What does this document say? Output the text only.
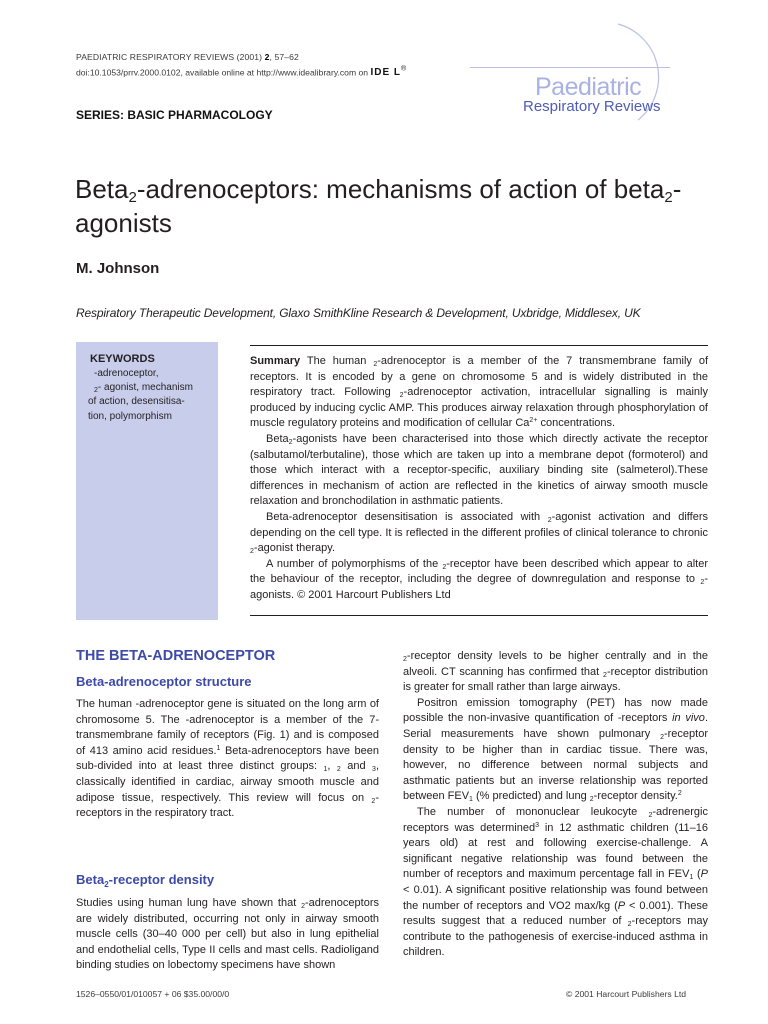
PAEDIATRIC RESPIRATORY REVIEWS (2001) 2, 57–62
doi:10.1053/prrv.2000.0102, available online at http://www.idealibrary.com on IDE L®
Paediatric
Respiratory Reviews
SERIES: BASIC PHARMACOLOGY
Beta$_2$-adrenoceptors: mechanisms of action of beta$_2$-agonists
M. Johnson
Respiratory Therapeutic Development, Glaxo SmithKline Research & Development, Uxbridge, Middlesex, UK
KEYWORDS
-adrenoceptor,
$_2$- agonist, mechanism
of action, desensitisa-
tion, polymorphism

Summary The human $_2$-adrenoceptor is a member of the 7 transmembrane family of receptors. It is encoded by a gene on chromosome 5 and is widely distributed in the respiratory tract. Following $_2$-adrenoceptor activation, intracellular signalling is mainly produced by inducing cyclic AMP. This produces airway relaxation through phosphorylation of muscle regulatory proteins and modification of cellular $Ca^{2+}$ concentrations.

Beta$_2$-agonists have been characterised into those which directly activate the receptor (salbutamol/terbutaline), those which are taken up into a membrane depot (formoterol) and those which interact with a receptor-specific, auxiliary binding site (salmeterol).These differences in mechanism of action are reflected in the kinetics of airway smooth muscle relaxation and bronchodilation in asthmatic patients.

Beta-adrenoceptor desensitisation is associated with $_2$-agonist activation and differs depending on the cell type. It is reflected in the different profiles of clinical tolerance to chronic $_2$-agonist therapy.

A number of polymorphisms of the $_2$-receptor have been described which appear to alter the behaviour of the receptor, including the degree of downregulation and response to $_2$-agonists. © 2001 Harcourt Publishers Ltd

THE BETA-ADRENOCEPTOR
Beta-adrenoceptor structure
The human -adrenoceptor gene is situated on the long arm of chromosome 5. The -adrenoceptor is a member of the 7-transmembrane family of receptors (Fig. 1) and is composed of 413 amino acid residues.$^1$ Beta-adrenoceptors have been sub-divided into at least three distinct groups: $_1$, $_2$ and $_3$, classically identified in cardiac, airway smooth muscle and adipose tissue, respectively. This review will focus on $_2$-receptors in the respiratory tract.
Beta$_2$-receptor density
Studies using human lung have shown that $_2$-adrenoceptors are widely distributed, occurring not only in airway smooth muscle cells (30–40 000 per cell) but also in lung epithelial and endothelial cells, Type II cells and mast cells. Radioligand binding studies on lobectomy specimens have shown

$_2$-receptor density levels to be higher centrally and in the alveoli. CT scanning has confirmed that $_2$-receptor distribution is greater for small rather than large airways.

Positron emission tomography (PET) has now made possible the non-invasive quantification of -receptors in vivo. Serial measurements have shown pulmonary $_2$-receptor density to be higher than in cardiac tissue. There was, however, no difference between normal subjects and asthmatic patients but an inverse relationship was reported between $FEV_1$ (% predicted) and lung $_2$-receptor density.$^2$

The number of mononuclear leukocyte $_2$-adrenergic receptors was determined$^3$ in 12 asthmatic children (11–16 years old) at rest and following exercise-challenge. A significant negative relationship was found between the number of receptors and maximum percentage fall in $FEV_1$ (P < 0.01). A significant positive relationship was found between the number of receptors and VO2 max/kg (P < 0.001). These results suggest that a reduced number of $_2$-receptors may contribute to the pathogenesis of exercise-induced asthma in children.

1526–0550/01/010057 + 06 $35.00/00/0	© 2001 Harcourt Publishers Ltd
